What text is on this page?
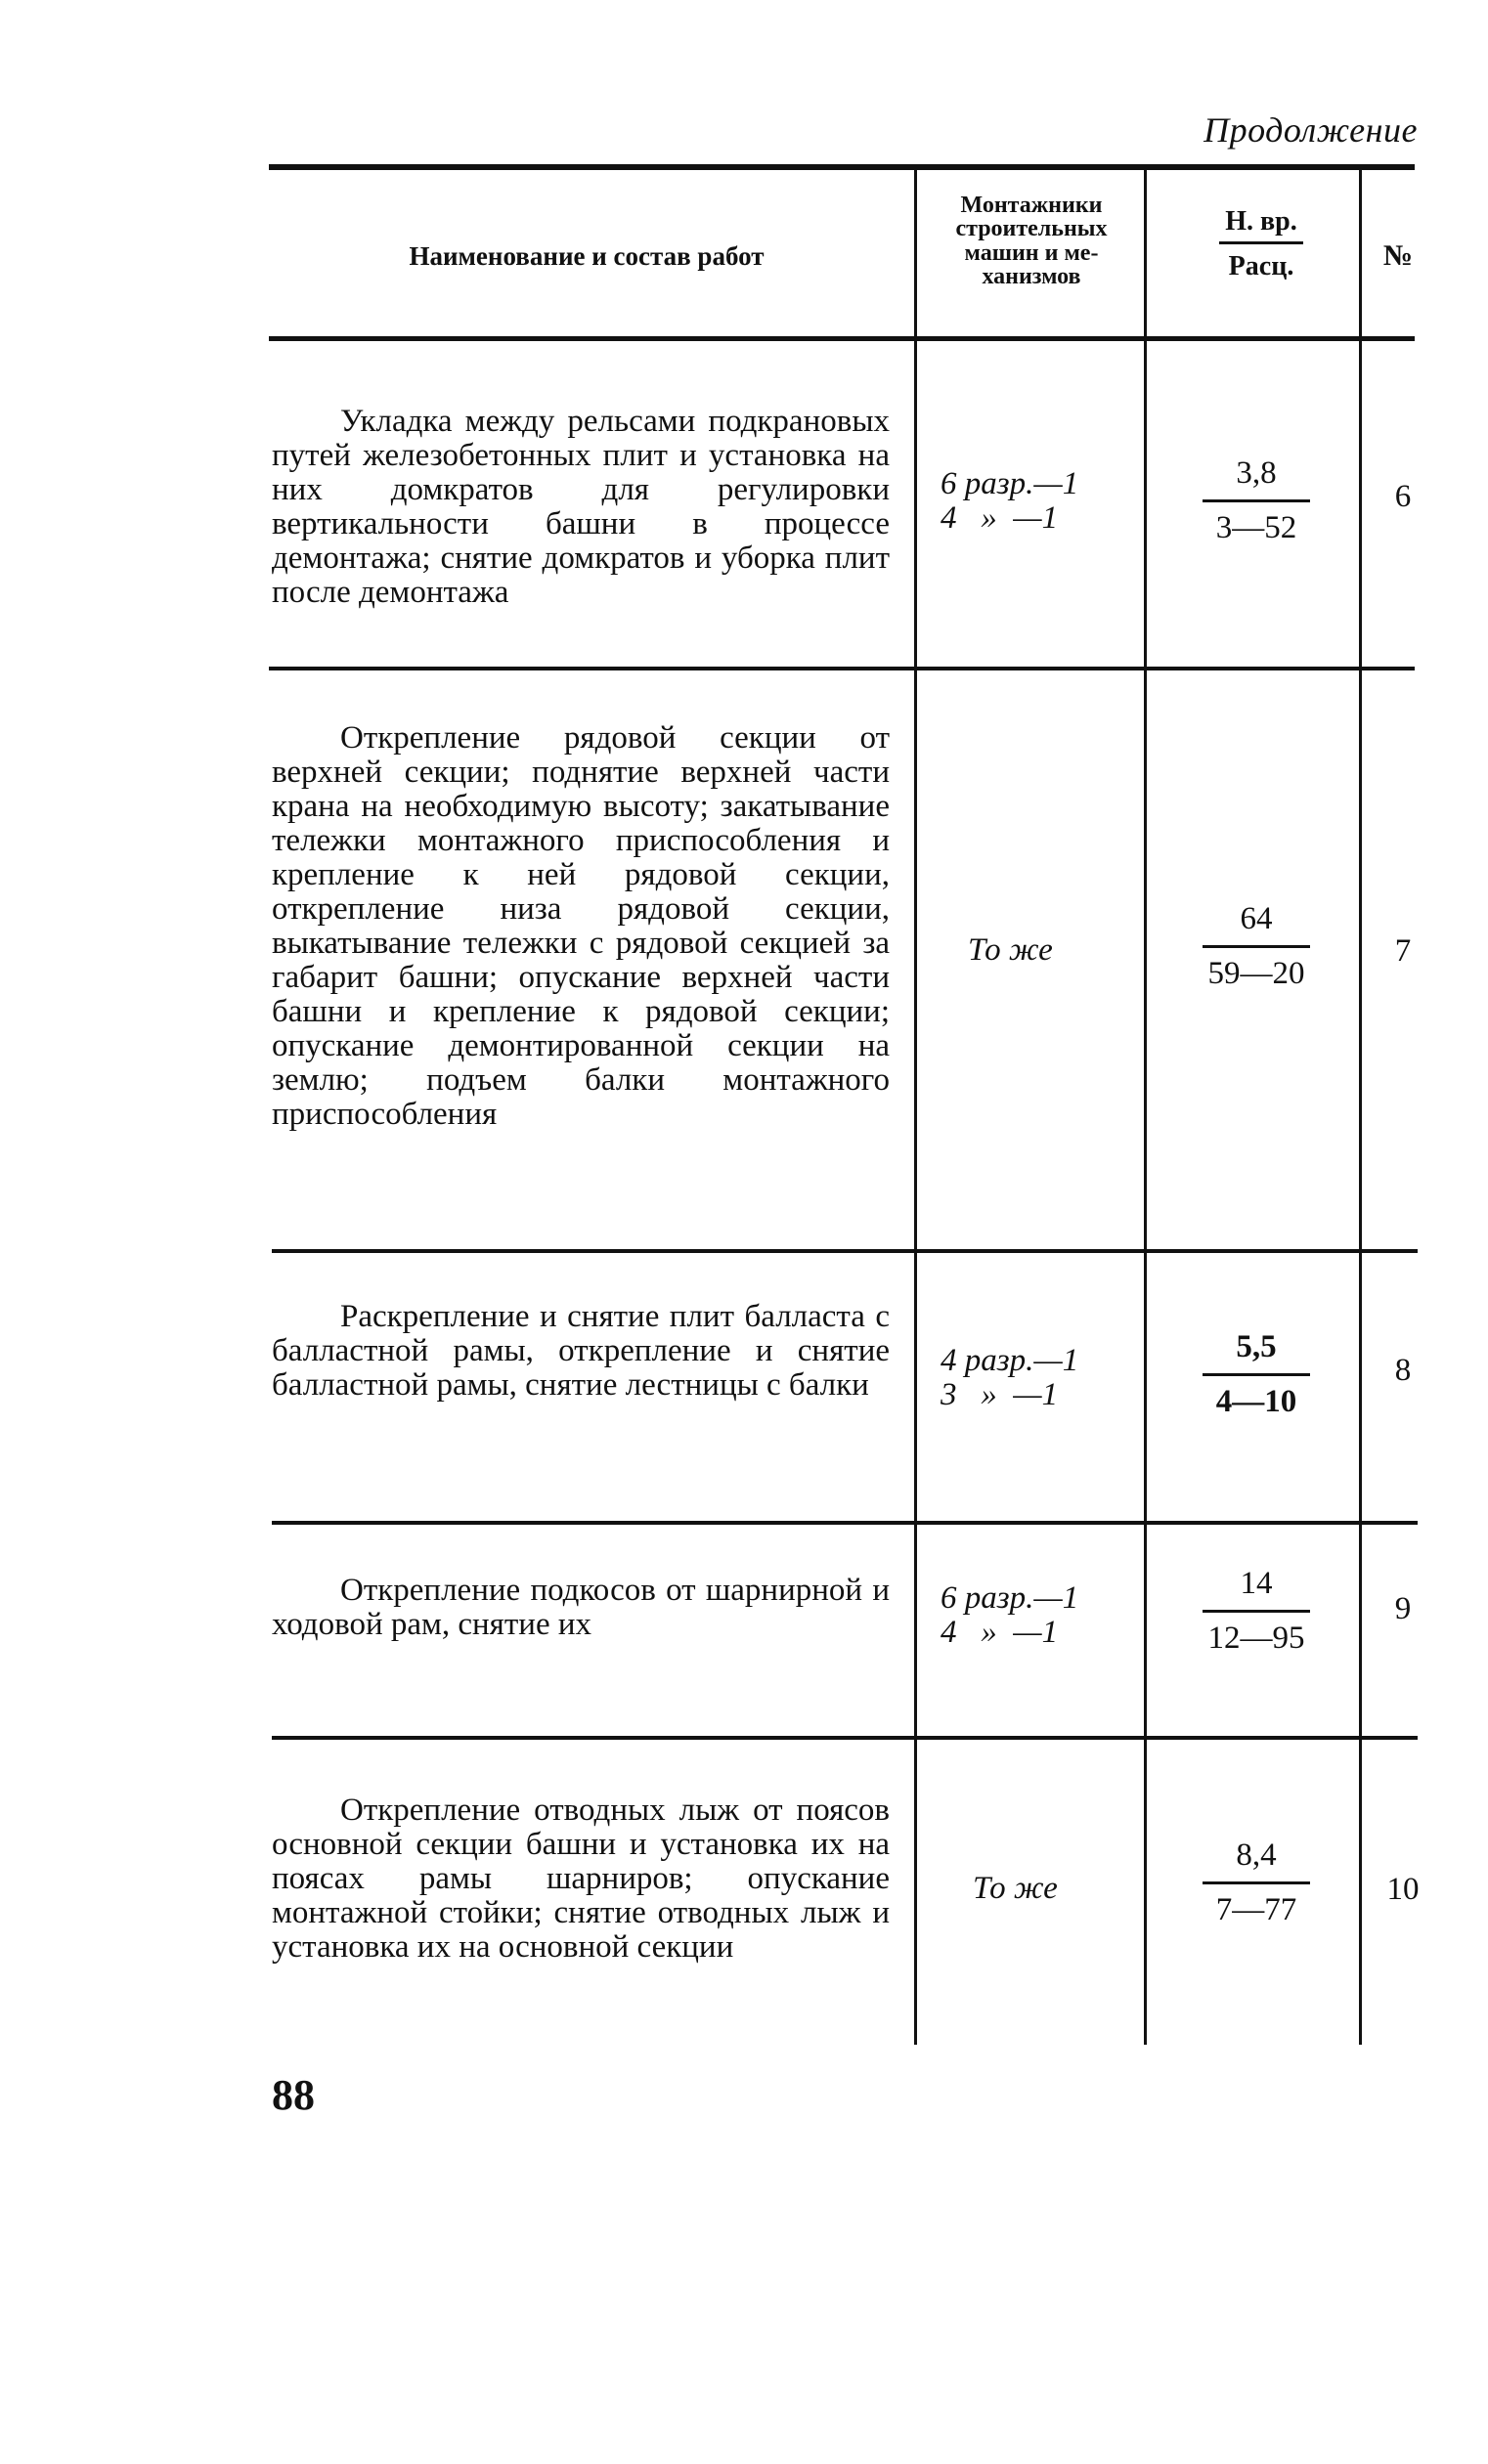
Продолжение
Наименование и состав работ
Монтажники
строительных
машин и ме-
ханизмов
Н. вр.
Расц.	№

Укладка между рельсами подкрановых путей железобетонных плит и установка на них домкратов для регулировки вертикальности башни в процессе демонтажа; снятие домкратов и уборка плит после демонтажа

6 разр.—1
4   »  —1
3,8
3—52
6

Открепление рядовой секции от верхней секции; поднятие верхней части крана на необходимую высоту; закатывание тележки монтажного приспособления и крепление к ней рядовой секции, открепление низа рядовой секции, выкатывание тележки с рядовой секцией за габарит башни; опускание верхней части башни и крепление к рядовой секции; опускание демонтированной секции на землю; подъем балки монтажного приспособления

То же
64
59—20
7

Раскрепление и снятие плит балласта с балластной рамы, открепление и снятие балластной рамы, снятие лестницы с балки

4 разр.—1
3   »  —1
5,5
4—10
8

Открепление подкосов от шарнирной и ходовой рам, снятие их

6 разр.—1
4   »  —1
14
12—95
9

Открепление отводных лыж от поясов основной секции башни и установка их на поясах рамы шарниров; опускание монтажной стойки; снятие отводных лыж и установка их на основной секции

То же
8,4
7—77
10
88
